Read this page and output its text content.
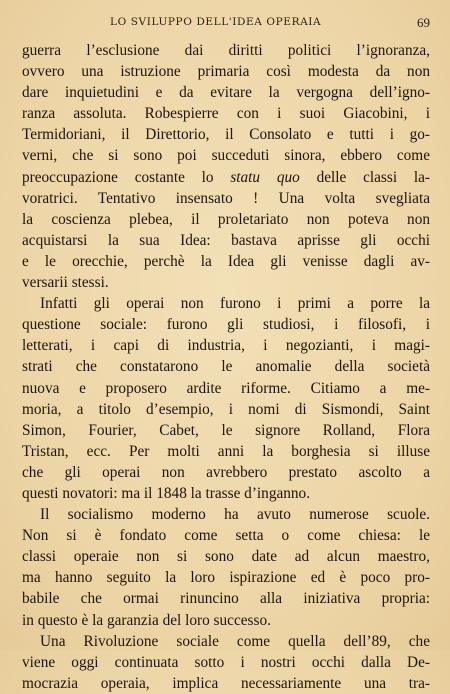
LO SVILUPPO DELL'IDEA OPERAIA	69
guerra l’esclusione dai diritti politici l’ignoranza,
ovvero una istruzione primaria così modesta da non
dare inquietudini e da evitare la vergogna dell’igno-
ranza assoluta. Robespierre con i suoi Giacobini, i
Termidoriani, il Direttorio, il Consolato e tutti i go-
verni, che si sono poi succeduti sinora, ebbero come
preoccupazione costante lo statu quo delle classi la-
voratrici. Tentativo insensato ! Una volta svegliata
la coscienza plebea, il proletariato non poteva non
acquistarsi la sua Idea: bastava aprisse gli occhi
e le orecchie, perchè la Idea gli venisse dagli av-
versarii stessi.
Infatti gli operai non furono i primi a porre la
questione sociale: furono gli studiosi, i filosofi, i
letterati, i capi di industria, i negozianti, i magi-
strati che constatarono le anomalie della società
nuova e proposero ardite riforme. Citiamo a me-
moria, a titolo d’esempio, i nomi di Sismondi, Saint
Simon, Fourier, Cabet, le signore Rolland, Flora
Tristan, ecc. Per molti anni la borghesia si illuse
che gli operai non avrebbero prestato ascolto a
questi novatori: ma il 1848 la trasse d’inganno.
Il socialismo moderno ha avuto numerose scuole.
Non si è fondato come setta o come chiesa: le
classi operaie non si sono date ad alcun maestro,
ma hanno seguito la loro ispirazione ed è poco pro-
babile che ormai rinuncino alla iniziativa propria:
in questo è la garanzia del loro successo.
Una Rivoluzione sociale come quella dell’89, che
viene oggi continuata sotto i nostri occhi dalla De-
mocrazia operaia, implica necessariamente una tra-
